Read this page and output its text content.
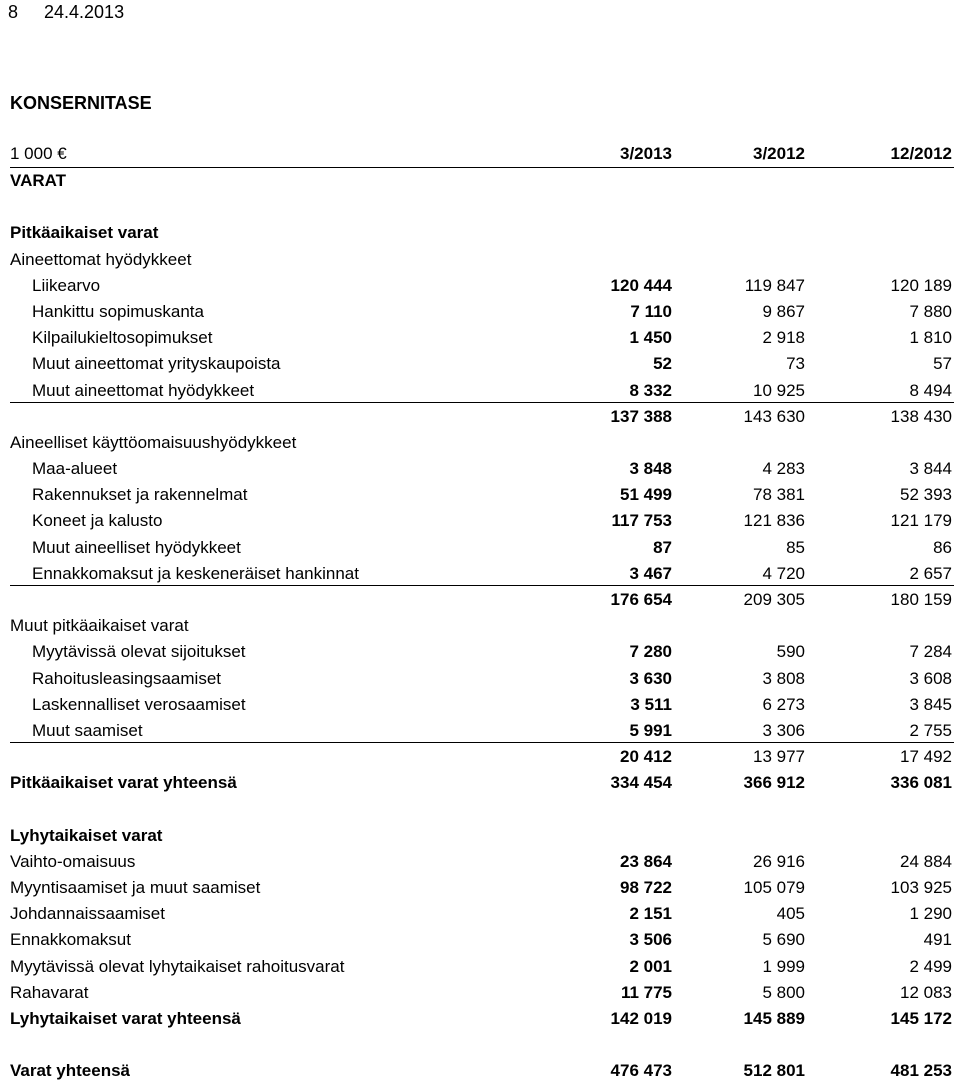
8 24.4.2013
KONSERNITASE
1 000 €	3/2013	3/2012	12/2012
VARAT
Pitkäaikaiset varat
Aineettomat hyödykkeet
Liikearvo	120 444	119 847	120 189
Hankittu sopimuskanta	7 110	9 867	7 880
Kilpailukieltosopimukset	1 450	2 918	1 810
Muut aineettomat yrityskaupoista	52	73	57
Muut aineettomat hyödykkeet	8 332	10 925	8 494
137 388	143 630	138 430
Aineelliset käyttöomaisuushyödykkeet
Maa-alueet	3 848	4 283	3 844
Rakennukset ja rakennelmat	51 499	78 381	52 393
Koneet ja kalusto	117 753	121 836	121 179
Muut aineelliset hyödykkeet	87	85	86
Ennakkomaksut ja keskeneräiset hankinnat	3 467	4 720	2 657
176 654	209 305	180 159
Muut pitkäaikaiset varat
Myytävissä olevat sijoitukset	7 280	590	7 284
Rahoitusleasingsaamiset	3 630	3 808	3 608
Laskennalliset verosaamiset	3 511	6 273	3 845
Muut saamiset	5 991	3 306	2 755
20 412	13 977	17 492
Pitkäaikaiset varat yhteensä	334 454	366 912	336 081
Lyhytaikaiset varat
Vaihto-omaisuus	23 864	26 916	24 884
Myyntisaamiset ja muut saamiset	98 722	105 079	103 925
Johdannaissaamiset	2 151	405	1 290
Ennakkomaksut	3 506	5 690	491
Myytävissä olevat lyhytaikaiset rahoitusvarat	2 001	1 999	2 499
Rahavarat	11 775	5 800	12 083
Lyhytaikaiset varat yhteensä	142 019	145 889	145 172
Varat yhteensä	476 473	512 801	481 253
